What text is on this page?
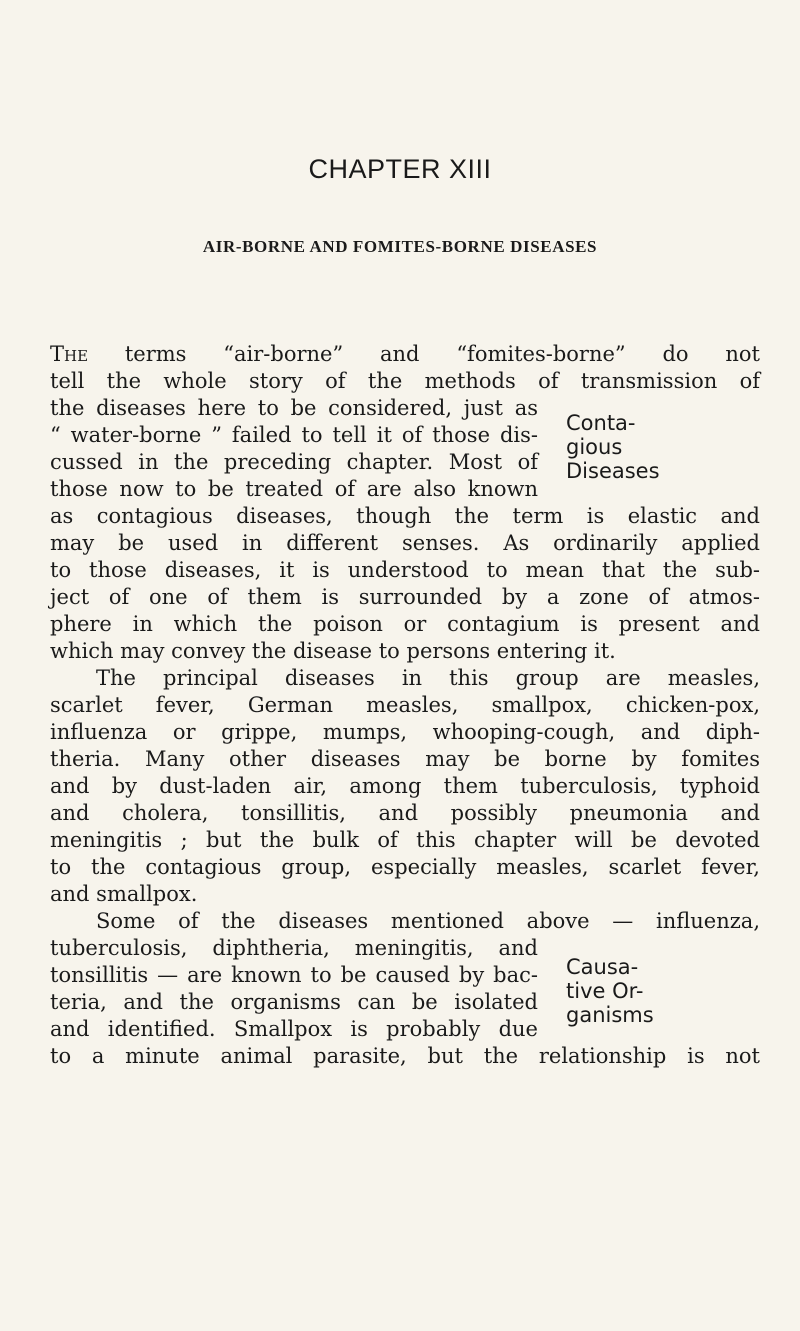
CHAPTER XIII
AIR-BORNE AND FOMITES-BORNE DISEASES

The terms “air-borne” and “fomites-borne” do not

tell the whole story of the methods of transmission of

the diseases here to be considered, just as

“ water-borne ” failed to tell it of those dis-

cussed in the preceding chapter. Most of

those now to be treated of are also known

as contagious diseases, though the term is elastic and

may be used in different senses. As ordinarily applied

to those diseases, it is understood to mean that the sub-

ject of one of them is surrounded by a zone of atmos-

phere in which the poison or contagium is present and

which may convey the disease to persons entering it.

Conta-
gious
Diseases

The principal diseases in this group are measles,

scarlet fever, German measles, smallpox, chicken-pox,

influenza or grippe, mumps, whooping-cough, and diph-

theria. Many other diseases may be borne by fomites

and by dust-laden air, among them tuberculosis, typhoid

and cholera, tonsillitis, and possibly pneumonia and

meningitis ; but the bulk of this chapter will be devoted

to the contagious group, especially measles, scarlet fever,

and smallpox.

Some of the diseases mentioned above — influenza,

tuberculosis, diphtheria, meningitis, and

tonsillitis — are known to be caused by bac-

teria, and the organisms can be isolated

and identified. Smallpox is probably due

to a minute animal parasite, but the relationship is not

Causa-
tive Or-
ganisms
